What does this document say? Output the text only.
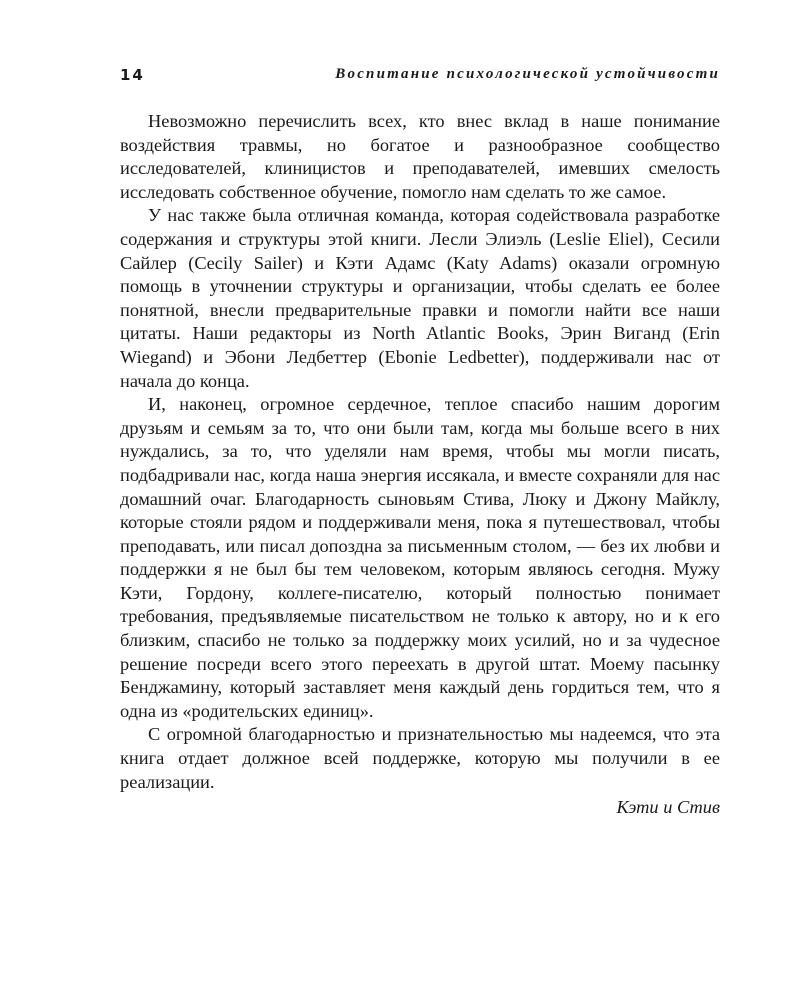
14	Воспитание психологической устойчивости

Невозможно перечислить всех, кто внес вклад в наше понимание воздействия травмы, но богатое и разнообразное сообщество исследователей, клиницистов и преподавателей, имевших смелость исследовать собственное обучение, помогло нам сделать то же самое.

У нас также была отличная команда, которая содействовала разработке содержания и структуры этой книги. Лесли Элиэль (Leslie Eliel), Сесили Сайлер (Cecily Sailer) и Кэти Адамс (Katy Adams) оказали огромную помощь в уточнении структуры и организации, чтобы сделать ее более понятной, внесли предварительные правки и помогли найти все наши цитаты. Наши редакторы из North Atlantic Books, Эрин Виганд (Erin Wiegand) и Эбони Ледбеттер (Ebonie Ledbetter), поддерживали нас от начала до конца.

И, наконец, огромное сердечное, теплое спасибо нашим дорогим друзьям и семьям за то, что они были там, когда мы больше всего в них нуждались, за то, что уделяли нам время, чтобы мы могли писать, подбадривали нас, когда наша энергия иссякала, и вместе сохраняли для нас домашний очаг. Благодарность сыновьям Стива, Люку и Джону Майклу, которые стояли рядом и поддерживали меня, пока я путешествовал, чтобы преподавать, или писал допоздна за письменным столом, — без их любви и поддержки я не был бы тем человеком, которым являюсь сегодня. Мужу Кэти, Гордону, коллеге-писателю, который полностью понимает требования, предъявляемые писательством не только к автору, но и к его близким, спасибо не только за поддержку моих усилий, но и за чудесное решение посреди всего этого переехать в другой штат. Моему пасынку Бенджамину, который заставляет меня каждый день гордиться тем, что я одна из «родительских единиц».

С огромной благодарностью и признательностью мы надеемся, что эта книга отдает должное всей поддержке, которую мы получили в ее реализации.

Кэти и Стив
